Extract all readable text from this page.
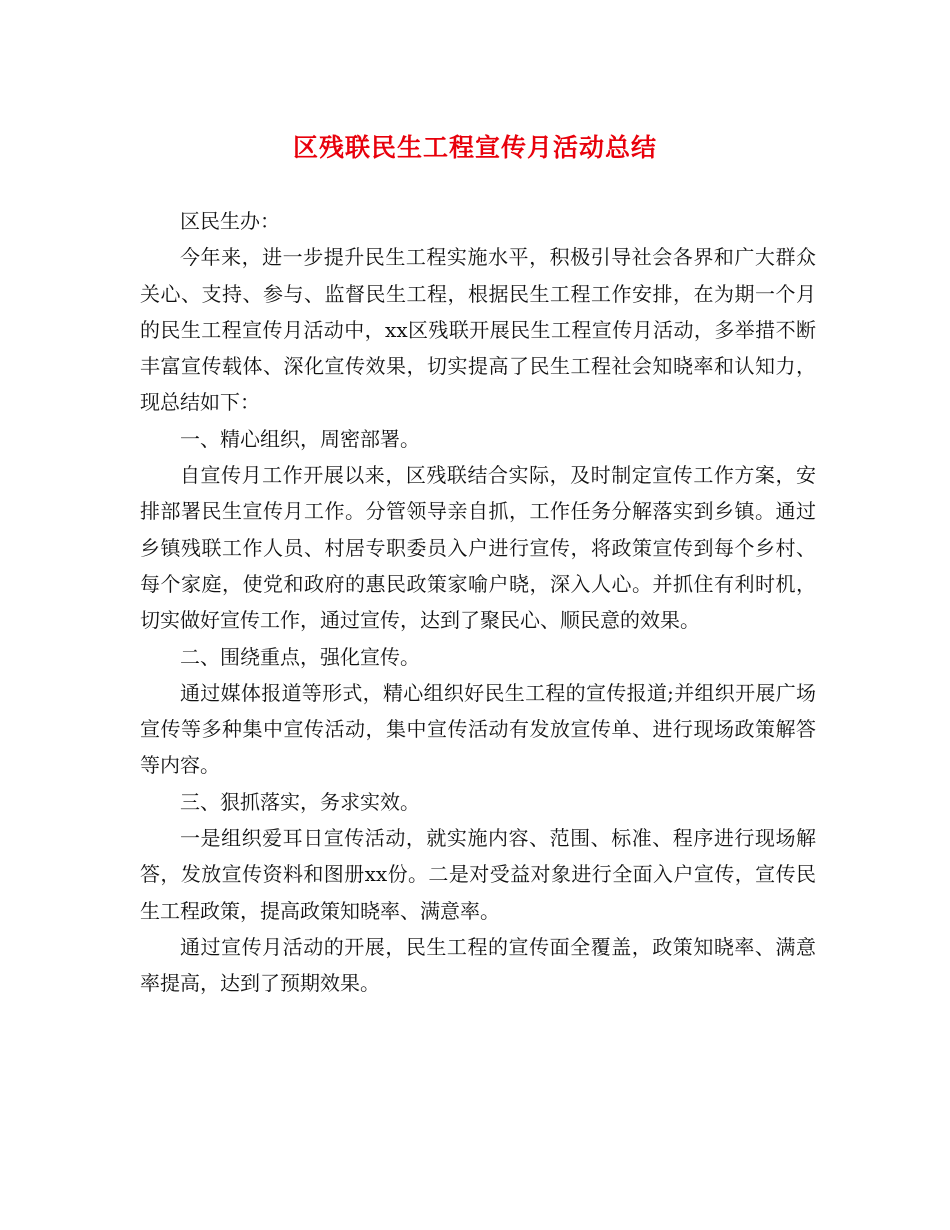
区残联民生工程宣传月活动总结

区民生办：

今年来，进一步提升民生工程实施水平，积极引导社会各界和广大群众关心、支持、参与、监督民生工程，根据民生工程工作安排，在为期一个月的民生工程宣传月活动中，xx区残联开展民生工程宣传月活动，多举措不断丰富宣传载体、深化宣传效果，切实提高了民生工程社会知晓率和认知力，现总结如下：

一、精心组织，周密部署。

自宣传月工作开展以来，区残联结合实际，及时制定宣传工作方案，安排部署民生宣传月工作。分管领导亲自抓，工作任务分解落实到乡镇。通过乡镇残联工作人员、村居专职委员入户进行宣传，将政策宣传到每个乡村、每个家庭，使党和政府的惠民政策家喻户晓，深入人心。并抓住有利时机，切实做好宣传工作，通过宣传，达到了聚民心、顺民意的效果。

二、围绕重点，强化宣传。

通过媒体报道等形式，精心组织好民生工程的宣传报道;并组织开展广场宣传等多种集中宣传活动，集中宣传活动有发放宣传单、进行现场政策解答等内容。

三、狠抓落实，务求实效。

一是组织爱耳日宣传活动，就实施内容、范围、标准、程序进行现场解答，发放宣传资料和图册xx份。二是对受益对象进行全面入户宣传，宣传民生工程政策，提高政策知晓率、满意率。

通过宣传月活动的开展，民生工程的宣传面全覆盖，政策知晓率、满意率提高，达到了预期效果。
